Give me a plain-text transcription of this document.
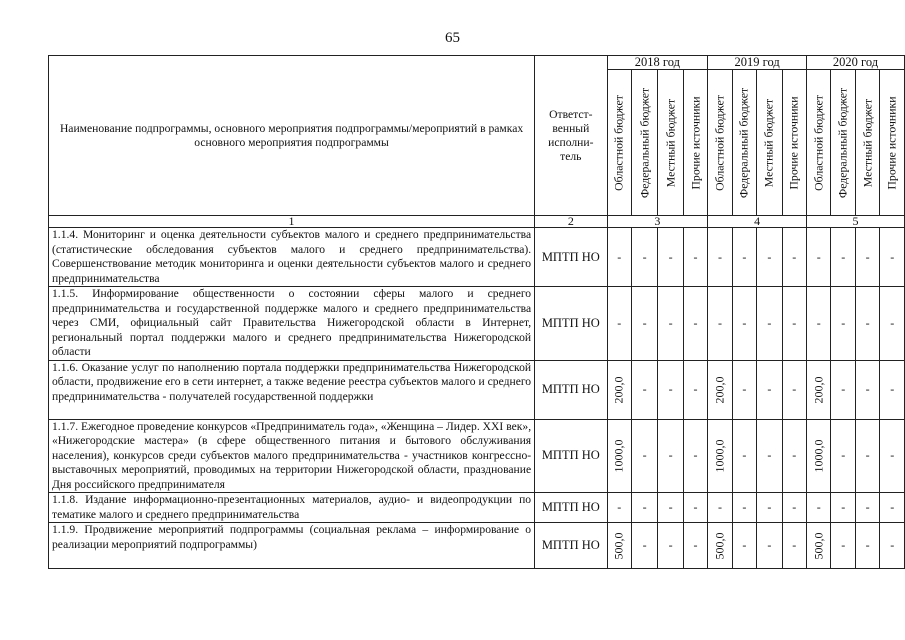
65
Наименование подпрограммы, основного мероприятия подпрограммы/мероприятий в рамках основного мероприятия подпрограммы	Ответст-венный исполни-тель	2018 год				2019 год				2020 год			

		Областной бюджет	Федеральный бюджет	Местный бюджет	Прочие источники	Областной бюджет	Федеральный бюджет	Местный бюджет	Прочие источники	Областной бюджет	Федеральный бюджет	Местный бюджет	Прочие источники

1	2	3				4				5			
1.1.4. Мониторинг и оценка деятельности субъектов малого и среднего предпринимательства (статистические обследования субъектов малого и среднего предпринимательства). Совершенствование методик мониторинга и оценки деятельности субъектов малого и среднего предпринимательства	МПТП НО	-	-	-	-	-	-	-	-	-	-	-	-
1.1.5. Информирование общественности о состоянии сферы малого и среднего предпринимательства и государственной поддержке малого и среднего предпринимательства через СМИ, официальный сайт Правительства Нижегородской области в Интернет, региональный портал поддержки малого и среднего предпринимательства Нижегородской области	МПТП НО	-	-	-	-	-	-	-	-	-	-	-	-
1.1.6. Оказание услуг по наполнению портала поддержки предпринимательства Нижегородской области, продвижение его в сети интернет, а также ведение реестра субъектов малого и среднего предпринимательства - получателей государственной поддержки	МПТП НО	200,0	-	-	-	200,0	-	-	-	200,0	-	-	-
1.1.7. Ежегодное проведение конкурсов «Предприниматель года», «Женщина – Лидер. XXI век», «Нижегородские мастера» (в сфере общественного питания и бытового обслуживания населения), конкурсов среди субъектов малого предпринимательства - участников конгрессно-выставочных мероприятий, проводимых на территории Нижегородской области, празднование Дня российского предпринимателя	МПТП НО	1000,0	-	-	-	1000,0	-	-	-	1000,0	-	-	-
1.1.8. Издание информационно-презентационных материалов, аудио- и видеопродукции по тематике малого и среднего предпринимательства	МПТП НО	-	-	-	-	-	-	-	-	-	-	-	-
1.1.9. Продвижение мероприятий подпрограммы (социальная реклама – информирование о реализации мероприятий подпрограммы)	МПТП НО	500,0	-	-	-	500,0	-	-	-	500,0	-	-	-
